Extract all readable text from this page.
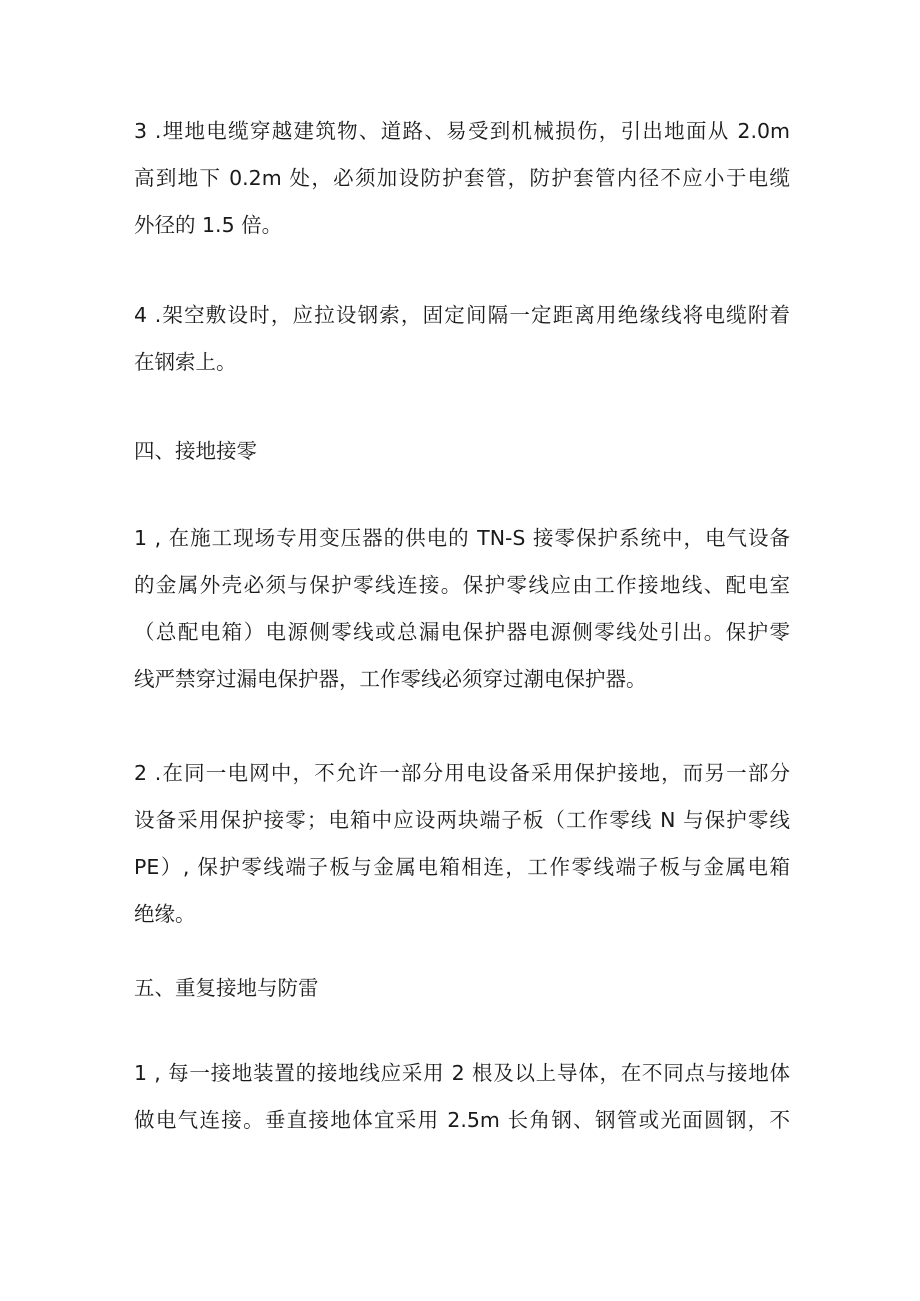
3 .埋地电缆穿越建筑物、道路、易受到机械损伤，引出地面从 2.0m
高到地下 0.2m 处，必须加设防护套管，防护套管内径不应小于电缆
外径的 1.5 倍。

4 .架空敷设时，应拉设钢索，固定间隔一定距离用绝缘线将电缆附着
在钢索上。

四、接地接零

1 , 在施工现场专用变压器的供电的 TN-S 接零保护系统中，电气设备
的金属外壳必须与保护零线连接。保护零线应由工作接地线、配电室
（总配电箱）电源侧零线或总漏电保护器电源侧零线处引出。保护零
线严禁穿过漏电保护器，工作零线必须穿过潮电保护器。

2 .在同一电网中，不允许一部分用电设备采用保护接地，而另一部分
设备采用保护接零；电箱中应设两块端子板（工作零线 N 与保护零线
PE）, 保护零线端子板与金属电箱相连，工作零线端子板与金属电箱
绝缘。

五、重复接地与防雷

1 , 每一接地装置的接地线应采用 2 根及以上导体，在不同点与接地体
做电气连接。垂直接地体宜采用 2.5m 长角钢、钢管或光面圆钢，不
